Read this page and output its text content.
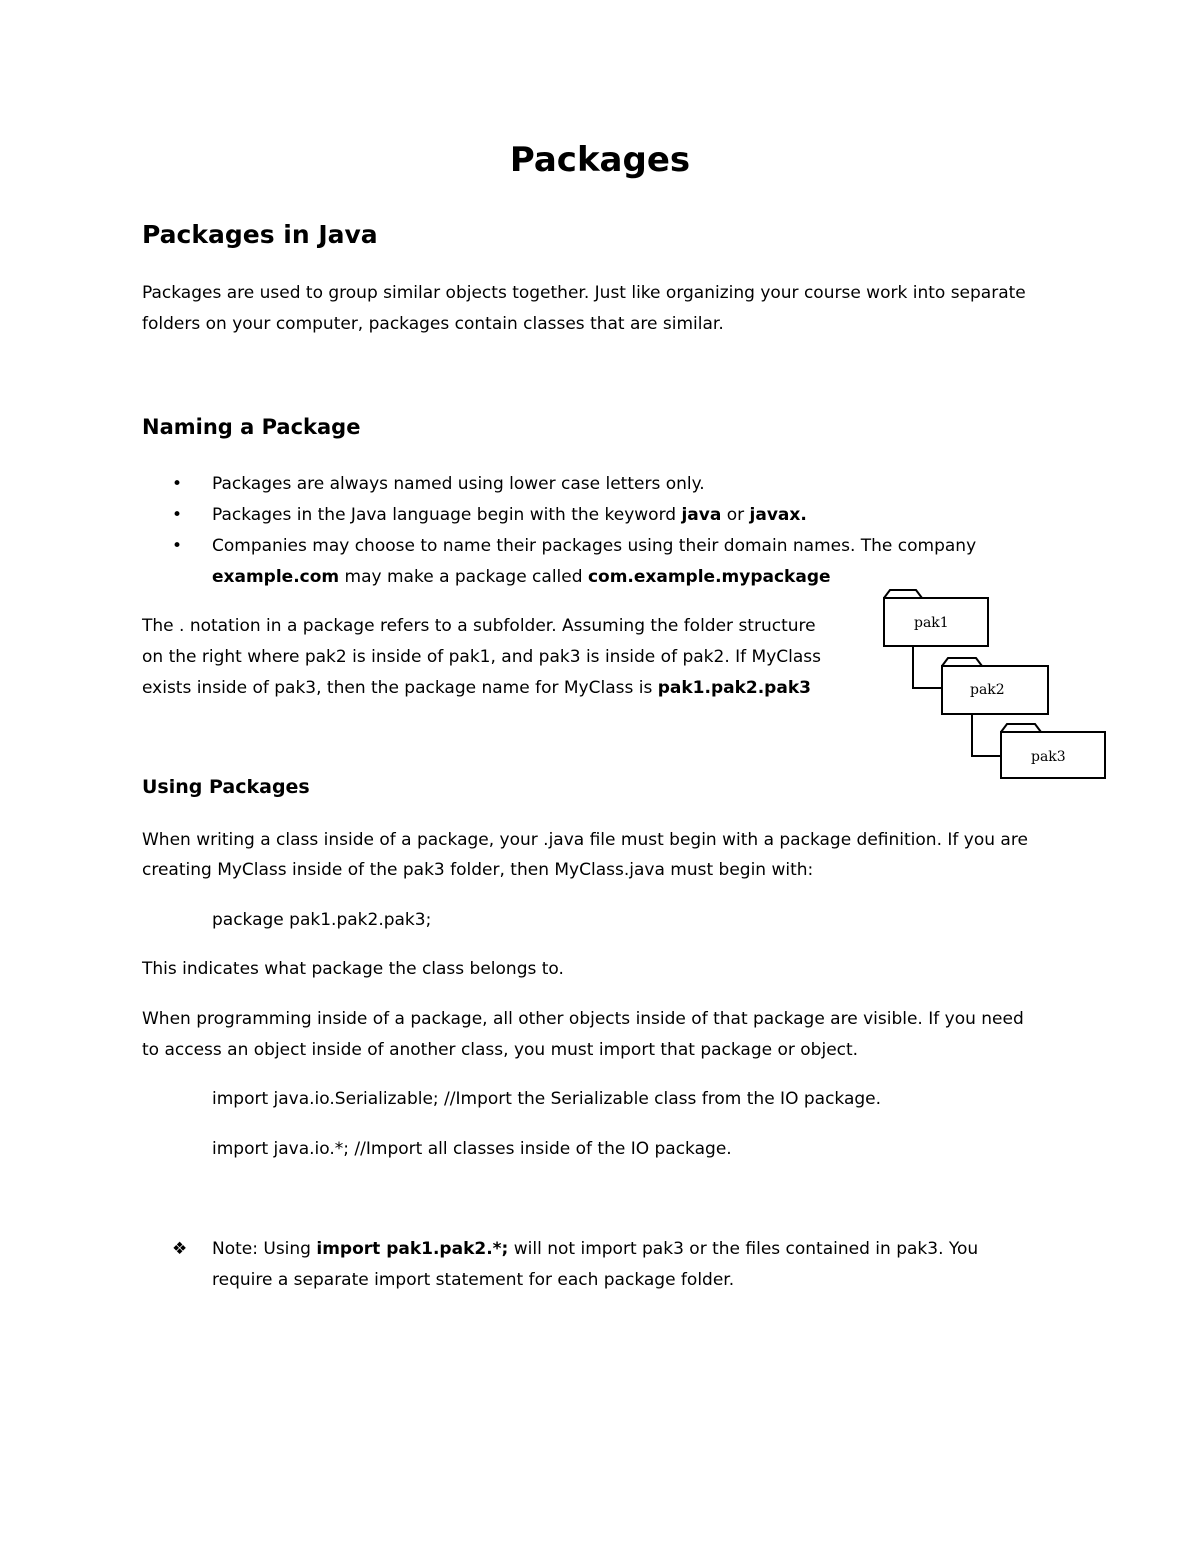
Packages
Packages in Java
Packages are used to group similar objects together. Just like organizing your course work into separate
folders on your computer, packages contain classes that are similar.
Naming a Package
• Packages are always named using lower case letters only.
• Packages in the Java language begin with the keyword java or javax.
• Companies may choose to name their packages using their domain names. The company
example.com may make a package called com.example.mypackage
The . notation in a package refers to a subfolder. Assuming the folder structure
on the right where pak2 is inside of pak1, and pak3 is inside of pak2. If MyClass
exists inside of pak3, then the package name for MyClass is pak1.pak2.pak3
pak1
pak2
pak3
Using Packages
When writing a class inside of a package, your .java file must begin with a package definition. If you are
creating MyClass inside of the pak3 folder, then MyClass.java must begin with:
package pak1.pak2.pak3;
This indicates what package the class belongs to.
When programming inside of a package, all other objects inside of that package are visible. If you need
to access an object inside of another class, you must import that package or object.
import java.io.Serializable; //Import the Serializable class from the IO package.
import java.io.*; //Import all classes inside of the IO package.
❖ Note: Using import pak1.pak2.*; will not import pak3 or the files contained in pak3. You
require a separate import statement for each package folder.
